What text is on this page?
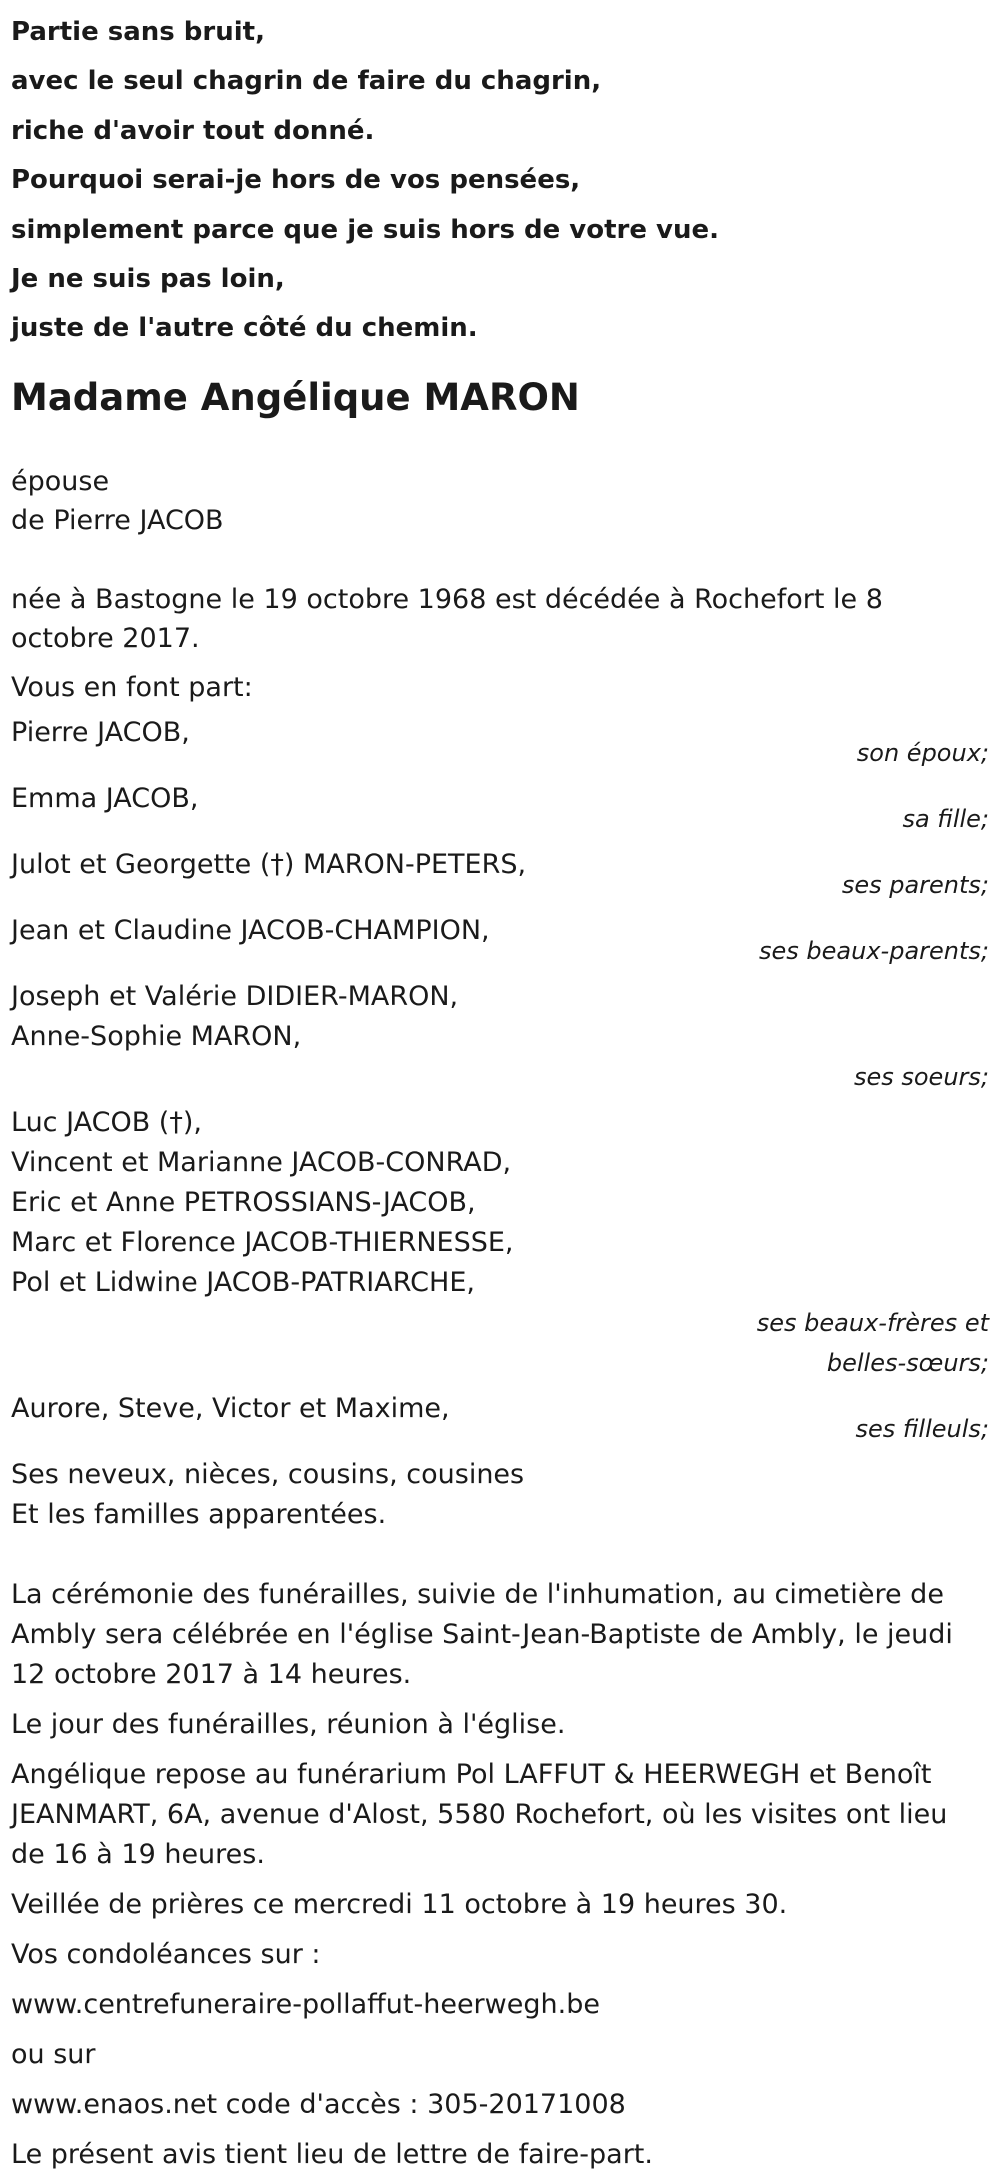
Partie sans bruit,
avec le seul chagrin de faire du chagrin,
riche d'avoir tout donné.
Pourquoi serai-je hors de vos pensées,
simplement parce que je suis hors de votre vue.
Je ne suis pas loin,
juste de l'autre côté du chemin.
Madame Angélique MARON
épouse
de Pierre JACOB
née à Bastogne le 19 octobre 1968 est décédée à Rochefort le 8 octobre 2017.
Vous en font part:
Pierre JACOB,
son époux;
Emma JACOB,
sa fille;
Julot et Georgette (†) MARON-PETERS,
ses parents;
Jean et Claudine JACOB-CHAMPION,
ses beaux-parents;
Joseph et Valérie DIDIER-MARON,
Anne-Sophie MARON,
ses soeurs;
Luc JACOB (†),
Vincent et Marianne JACOB-CONRAD,
Eric et Anne PETROSSIANS-JACOB,
Marc et Florence JACOB-THIERNESSE,
Pol et Lidwine JACOB-PATRIARCHE,
ses beaux-frères et
belles-sœurs;
Aurore, Steve, Victor et Maxime,
ses filleuls;
Ses neveux, nièces, cousins, cousines
Et les familles apparentées.
La cérémonie des funérailles, suivie de l'inhumation, au cimetière de Ambly sera célébrée en l'église Saint-Jean-Baptiste de Ambly, le jeudi 12 octobre 2017 à 14 heures.
Le jour des funérailles, réunion à l'église.
Angélique repose au funérarium Pol LAFFUT & HEERWEGH et Benoît JEANMART, 6A, avenue d'Alost, 5580 Rochefort, où les visites ont lieu de 16 à 19 heures.
Veillée de prières ce mercredi 11 octobre à 19 heures 30.
Vos condoléances sur :
www.centrefuneraire-pollaffut-heerwegh.be
ou sur
www.enaos.net code d'accès : 305-20171008
Le présent avis tient lieu de lettre de faire-part.
